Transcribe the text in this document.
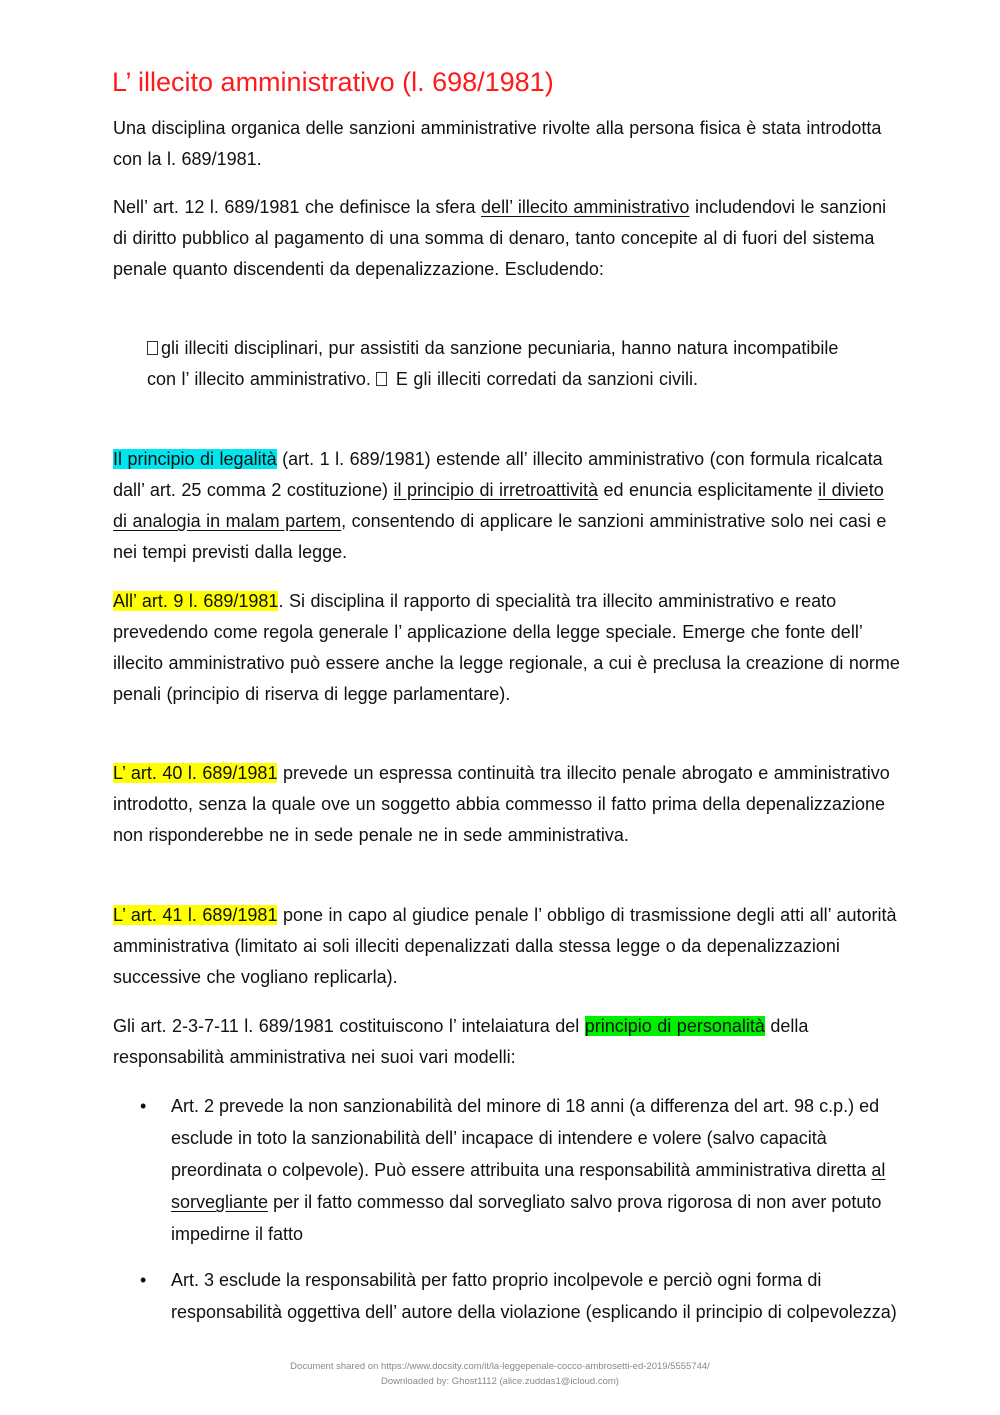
L’ illecito amministrativo (l. 698/1981)

Una disciplina organica delle sanzioni amministrative rivolte alla persona fisica è stata introdotta con la l. 689/1981.

Nell’ art. 12 l. 689/1981 che definisce la sfera dell’ illecito amministrativo includendovi le sanzioni di diritto pubblico al pagamento di una somma di denaro, tanto concepite al di fuori del sistema penale quanto discendenti da depenalizzazione. Escludendo:

gli illeciti disciplinari, pur assistiti da sanzione pecuniaria, hanno natura incompatibile con l’ illecito amministrativo.  E gli illeciti corredati da sanzioni civili.

Il principio di legalità (art. 1 l. 689/1981) estende all’ illecito amministrativo (con formula ricalcata dall’ art. 25 comma 2 costituzione) il principio di irretroattività ed enuncia esplicitamente il divieto di analogia in malam partem, consentendo di applicare le sanzioni amministrative solo nei casi e nei tempi previsti dalla legge.

All’ art. 9 l. 689/1981. Si disciplina il rapporto di specialità tra illecito amministrativo e reato prevedendo come regola generale l’ applicazione della legge speciale. Emerge che fonte dell’ illecito amministrativo può essere anche la legge regionale, a cui è preclusa la creazione di norme penali (principio di riserva di legge parlamentare).

L’ art. 40 l. 689/1981 prevede un espressa continuità tra illecito penale abrogato e amministrativo introdotto, senza la quale ove un soggetto abbia commesso il fatto prima della depenalizzazione non risponderebbe ne in sede penale ne in sede amministrativa.

L’ art. 41 l. 689/1981 pone in capo al giudice penale l’ obbligo di trasmissione degli atti all’ autorità amministrativa (limitato ai soli illeciti depenalizzati dalla stessa legge o da depenalizzazioni successive che vogliano replicarla).

Gli art. 2-3-7-11 l. 689/1981 costituiscono l’ intelaiatura del principio di personalità della responsabilità amministrativa nei suoi vari modelli:

• Art. 2 prevede la non sanzionabilità del minore di 18 anni (a differenza del art. 98 c.p.) ed esclude in toto la sanzionabilità dell’ incapace di intendere e volere (salvo capacità preordinata o colpevole). Può essere attribuita una responsabilità amministrativa diretta al sorvegliante per il fatto commesso dal sorvegliato salvo prova rigorosa di non aver potuto impedirne il fatto
• Art. 3 esclude la responsabilità per fatto proprio incolpevole e perciò ogni forma di responsabilità oggettiva dell’ autore della violazione (esplicando il principio di colpevolezza)

Document shared on https://www.docsity.com/it/la-leggepenale-cocco-ambrosetti-ed-2019/5555744/

Downloaded by: Ghost1112 (alice.zuddas1@icloud.com)
